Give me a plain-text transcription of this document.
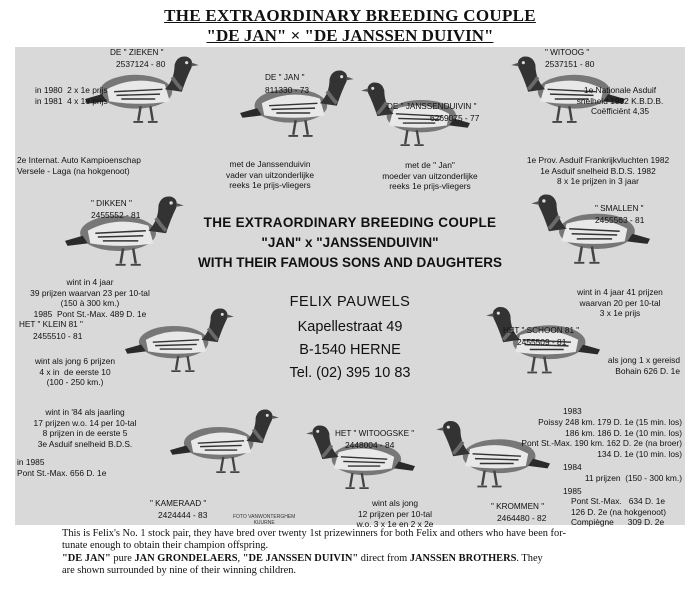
THE EXTRAORDINARY BREEDING COUPLE
"DE JAN" × "DE JANSSEN DUIVIN"
THE EXTRAORDINARY BREEDING COUPLE
"JAN" x "JANSSENDUIVIN"
WITH THEIR FAMOUS SONS AND DAUGHTERS
FELIX PAUWELS
Kapellestraat 49
B-1540 HERNE
Tel. (02) 395 10 83
DE " ZIEKEN "
2537124 - 80
in 1980  2 x 1e prijs
in 1981  4 x 1e prijs
2e Internat. Auto Kampioenschap
Versele - Laga (na hokgenoot)
DE " JAN "
811330 - 73
met de Janssenduivin
vader van uitzonderlijke
reeks 1e prijs-vliegers
DE " JANSSENDUIVIN "
6269075 - 77
met de " Jan"
moeder van uitzonderlijke
reeks 1e prijs-vliegers
" WITOOG "
2537151 - 80
1e Nationale Asduif
snelheid 1982 K.B.D.B.
Coëfficiënt 4,35
1e Prov. Asduif Frankrijkvluchten 1982
1e Asduif snelheid B.D.S. 1982
8 x 1e prijzen in 3 jaar
" DIKKEN "
2455552 - 81
wint in 4 jaar
39 prijzen waarvan 23 per 10-tal
(150 à 300 km.)
1985  Pont St.-Max. 489 D. 1e
" SMALLEN "
2455563 - 81
wint in 4 jaar 41 prijzen
waarvan 20 per 10-tal
3 x 1e prijs
HET " KLEIN 81 "
2455510 - 81
wint als jong 6 prijzen
4 x in  de eerste 10
(100 - 250 km.)
wint in '84 als jaarling
17 prijzen w.o. 14 per 10-tal
8 prijzen in de eerste 5
3e Asduif snelheid B.D.S.
in 1985
Pont St.-Max. 656 D. 1e
HET " SCHOON 81 "
2455509 - 81
als jong 1 x gereisd
Bohain 626 D. 1e
" KAMERAAD "
2424444 - 83	FOTO VANWONTERGHEM
KUURNE
HET " WITOOGSKE "
2448004 - 84
wint als jong
12 prijzen per 10-tal
w.o. 3 x 1e en 2 x 2e
" KROMMEN "
2464480 - 82
1983
Poissy 248 km. 179 D. 1e (15 min. los)
186 km. 186 D. 1e (10 min. los)
Pont St.-Max. 190 km. 162 D. 2e (na broer)
134 D. 1e (10 min. los)
1984
11 prijzen  (150 - 300 km.)
1985
Pont St.-Max.   634 D. 1e
126 D. 2e (na hokgenoot)
Compiègne      309 D. 2e
This is Felix's No. 1 stock pair, they have bred over twenty 1st prizewinners for both Felix and others who have been for-
tunate enough to obtain their champion offspring.
"DE JAN" pure JAN GRONDELAERS, "DE JANSSEN DUIVIN" direct from JANSSEN BROTHERS. They
are shown surrounded by nine of their winning children.
